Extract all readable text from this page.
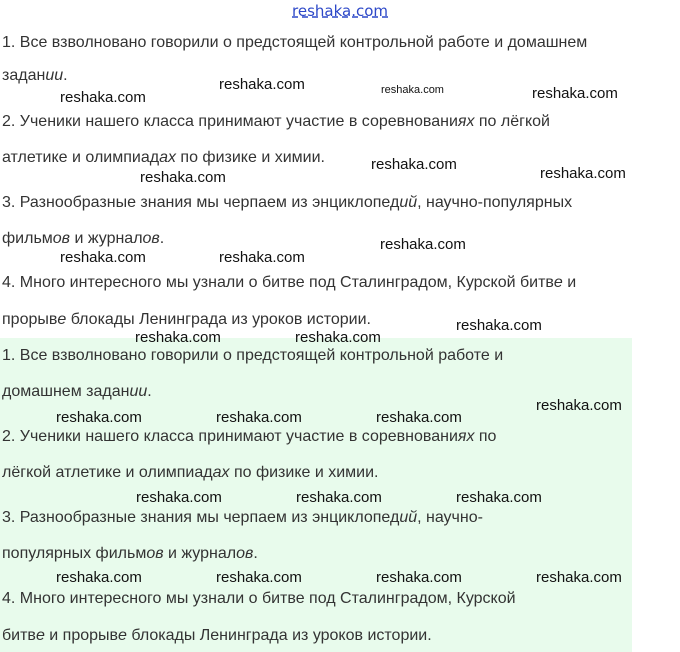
reshaka.com
1. Все взволновано говорили о предстоящей контрольной работе и домашнем
задании.
2. Ученики нашего класса принимают участие в соревнованиях по лёгкой
атлетике и олимпиадах по физике и химии.
3. Разнообразные знания мы черпаем из энциклопедий, научно-популярных
фильмов и журналов.
4. Много интересного мы узнали о битве под Сталинградом, Курской битве и
прорыве блокады Ленинграда из уроков истории.
1. Все взволновано говорили о предстоящей контрольной работе и
домашнем задании.
2. Ученики нашего класса принимают участие в соревнованиях по
лёгкой атлетике и олимпиадах по физике и химии.
3. Разнообразные знания мы черпаем из энциклопедий, научно-
популярных фильмов и журналов.
4. Много интересного мы узнали о битве под Сталинградом, Курской
битве и прорыве блокады Ленинграда из уроков истории.
reshaka.com	reshaka.com
reshaka.com	reshaka.com
reshaka.com
reshaka.com
reshaka.com
reshaka.com
reshaka.com	reshaka.com
reshaka.com
reshaka.com	reshaka.com
reshaka.com
reshaka.com	reshaka.com	reshaka.com
reshaka.com	reshaka.com	reshaka.com
reshaka.com	reshaka.com	reshaka.com	reshaka.com
